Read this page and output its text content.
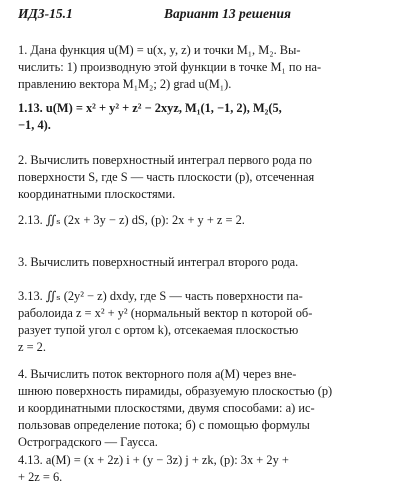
ИДЗ-15.1	Вариант 13 решения
1. Дана функция u(M) = u(x, y, z) и точки M₁, M₂. Вы-
числить: 1) производную этой функции в точке M₁ по на-
правлению вектора M₁M₂; 2) grad u(M₁).
1.13. u(M) = x² + y² + z² − 2xyz, M₁(1, −1, 2), M₂(5,
−1, 4).
2. Вычислить поверхностный интеграл первого рода по
поверхности S, где S — часть плоскости (p), отсеченная
координатными плоскостями.
2.13. ∬ₛ (2x + 3y − z) dS, (p): 2x + y + z = 2.
3. Вычислить поверхностный интеграл второго рода.
3.13. ∬ₛ (2y² − z) dxdy, где S — часть поверхности па-
раболоида z = x² + y² (нормальный вектор n которой об-
разует тупой угол с ортом k), отсекаемая плоскостью
z = 2.
4. Вычислить поток векторного поля a(M) через вне-
шнюю поверхность пирамиды, образуемую плоскостью (p)
и координатными плоскостями, двумя способами: а) ис-
пользовав определение потока; б) с помощью формулы
Остроградского — Гаусса.
4.13. a(M) = (x + 2z) i + (y − 3z) j + zk, (p): 3x + 2y +
+ 2z = 6.
